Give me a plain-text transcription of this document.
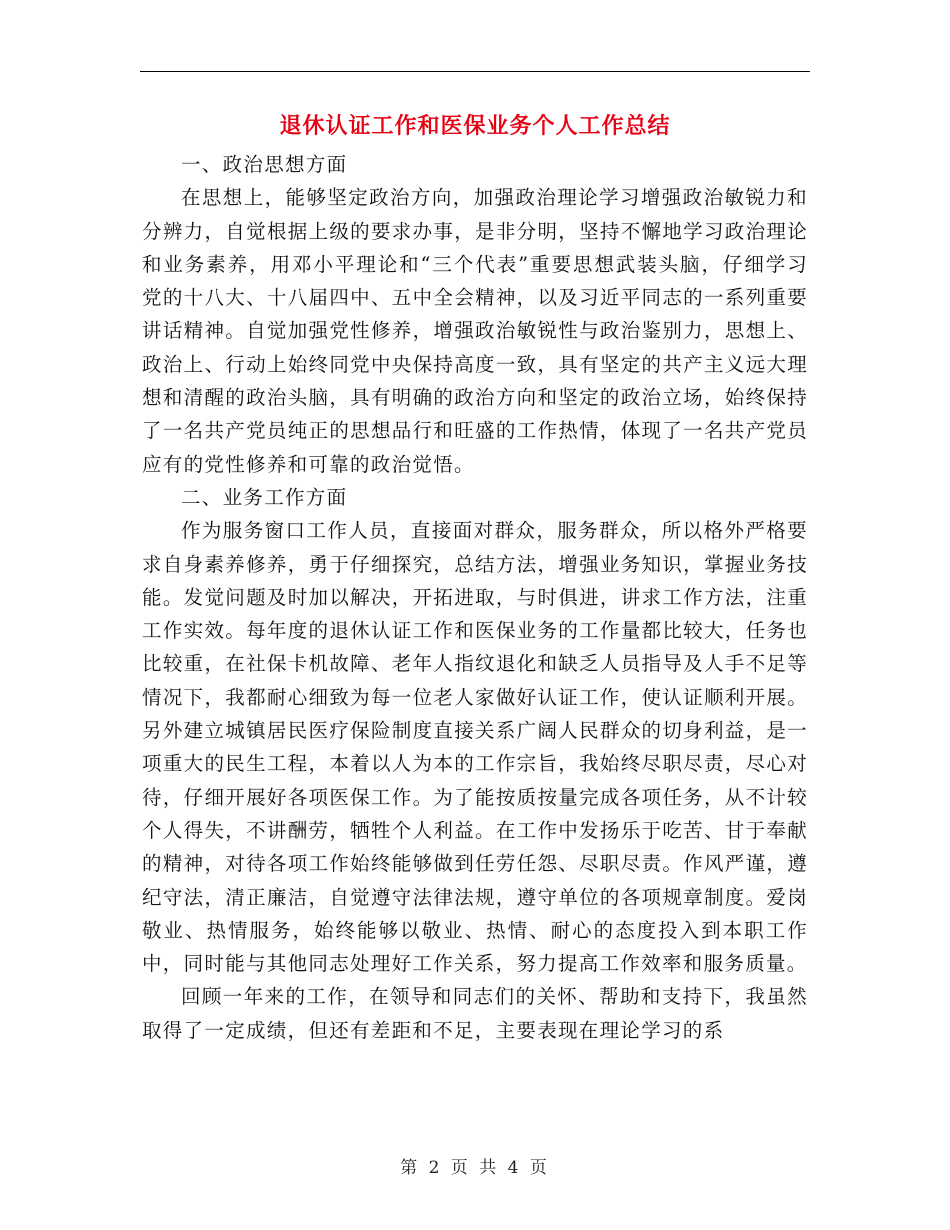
退休认证工作和医保业务个人工作总结

一、政治思想方面

在思想上，能够坚定政治方向，加强政治理论学习增强政治敏锐力和分辨力，自觉根据上级的要求办事，是非分明，坚持不懈地学习政治理论和业务素养，用邓小平理论和“三个代表”重要思想武装头脑，仔细学习党的十八大、十八届四中、五中全会精神，以及习近平同志的一系列重要讲话精神。自觉加强党性修养，增强政治敏锐性与政治鉴别力，思想上、政治上、行动上始终同党中央保持高度一致，具有坚定的共产主义远大理想和清醒的政治头脑，具有明确的政治方向和坚定的政治立场，始终保持了一名共产党员纯正的思想品行和旺盛的工作热情，体现了一名共产党员应有的党性修养和可靠的政治觉悟。

二、业务工作方面

作为服务窗口工作人员，直接面对群众，服务群众，所以格外严格要求自身素养修养，勇于仔细探究，总结方法，增强业务知识，掌握业务技能。发觉问题及时加以解决，开拓进取，与时俱进，讲求工作方法，注重工作实效。每年度的退休认证工作和医保业务的工作量都比较大，任务也比较重，在社保卡机故障、老年人指纹退化和缺乏人员指导及人手不足等情况下，我都耐心细致为每一位老人家做好认证工作，使认证顺利开展。另外建立城镇居民医疗保险制度直接关系广阔人民群众的切身利益，是一项重大的民生工程，本着以人为本的工作宗旨，我始终尽职尽责，尽心对待，仔细开展好各项医保工作。为了能按质按量完成各项任务，从不计较个人得失，不讲酬劳，牺牲个人利益。在工作中发扬乐于吃苦、甘于奉献的精神，对待各项工作始终能够做到任劳任怨、尽职尽责。作风严谨，遵纪守法，清正廉洁，自觉遵守法律法规，遵守单位的各项规章制度。爱岗敬业、热情服务，始终能够以敬业、热情、耐心的态度投入到本职工作中，同时能与其他同志处理好工作关系，努力提高工作效率和服务质量。

回顾一年来的工作，在领导和同志们的关怀、帮助和支持下，我虽然取得了一定成绩，但还有差距和不足，主要表现在理论学习的系

第 2 页 共 4 页
